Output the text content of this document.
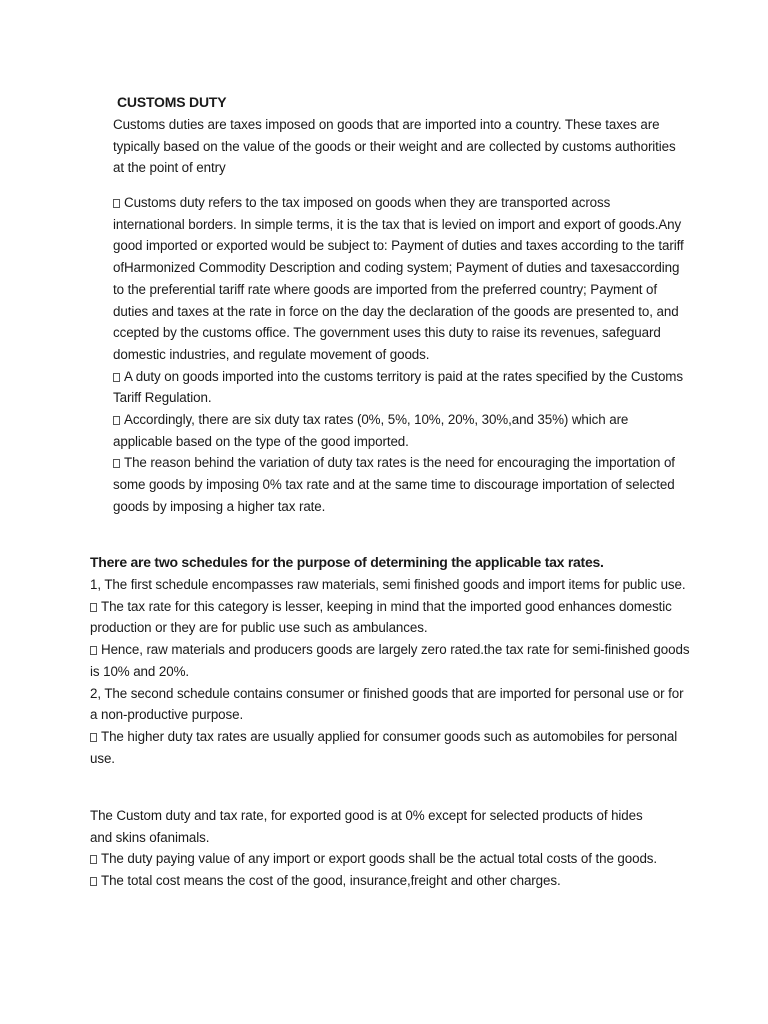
CUSTOMS DUTY

Customs duties are taxes imposed on goods that are imported into a country. These taxes are typically based on the value of the goods or their weight and are collected by customs authorities at the point of entry

Customs duty refers to the tax imposed on goods when they are transported across international borders. In simple terms, it is the tax that is levied on import and export of goods.Any good imported or exported would be subject to: Payment of duties and taxes according to the tariff ofHarmonized Commodity Description and coding system; Payment of duties and taxesaccording to the preferential tariff rate where goods are imported from the preferred country; Payment of duties and taxes at the rate in force on the day the declaration of the goods are presented to, and ccepted by the customs office. The government uses this duty to raise its revenues, safeguard domestic industries, and regulate movement of goods.

A duty on goods imported into the customs territory is paid at the rates specified by the Customs Tariff Regulation.

Accordingly, there are six duty tax rates (0%, 5%, 10%, 20%, 30%,and 35%) which are applicable based on the type of the good imported.

The reason behind the variation of duty tax rates is the need for encouraging the importation of some goods by imposing 0% tax rate and at the same time to discourage importation of selected goods by imposing a higher tax rate.

There are two schedules for the purpose of determining the applicable tax rates.

1, The first schedule encompasses raw materials, semi finished goods and import items for public use.

The tax rate for this category is lesser, keeping in mind that the imported good enhances domestic production or they are for public use such as ambulances.

Hence, raw materials and producers goods are largely zero rated.the tax rate for semi-finished goods is 10% and 20%.

2, The second schedule contains consumer or finished goods that are imported for personal use or for a non-productive purpose.

The higher duty tax rates are usually applied for consumer goods such as automobiles for personal use.

The Custom duty and tax rate, for exported good is at 0% except for selected products of hides and skins ofanimals.

The duty paying value of any import or export goods shall be the actual total costs of the goods.

The total cost means the cost of the good, insurance,freight and other charges.
